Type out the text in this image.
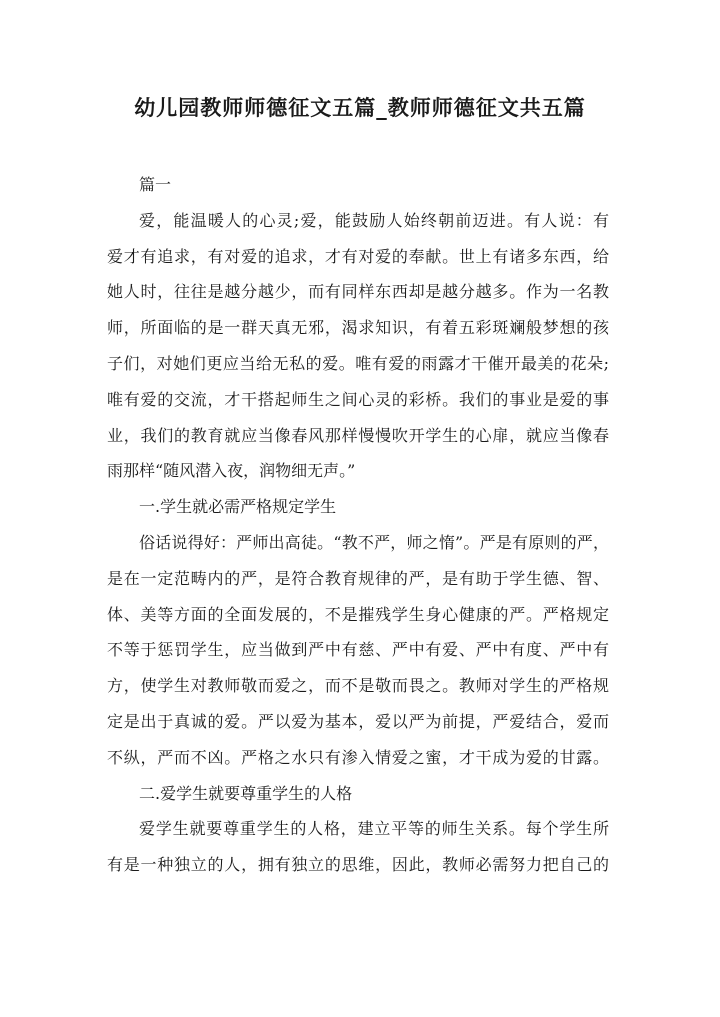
幼儿园教师师德征文五篇_教师师德征文共五篇
篇一
爱，能温暖人的心灵;爱，能鼓励人始终朝前迈进。有人说：有
爱才有追求，有对爱的追求，才有对爱的奉献。世上有诸多东西，给
她人时，往往是越分越少，而有同样东西却是越分越多。作为一名教
师，所面临的是一群天真无邪，渴求知识，有着五彩斑斓般梦想的孩
子们，对她们更应当给无私的爱。唯有爱的雨露才干催开最美的花朵;
唯有爱的交流，才干搭起师生之间心灵的彩桥。我们的事业是爱的事
业，我们的教育就应当像春风那样慢慢吹开学生的心扉，就应当像春
雨那样“随风潜入夜，润物细无声。”
一.学生就必需严格规定学生
俗话说得好：严师出高徒。“教不严，师之惰”。严是有原则的严，
是在一定范畴内的严，是符合教育规律的严，是有助于学生德、智、
体、美等方面的全面发展的，不是摧残学生身心健康的严。严格规定
不等于惩罚学生，应当做到严中有慈、严中有爱、严中有度、严中有
方，使学生对教师敬而爱之，而不是敬而畏之。教师对学生的严格规
定是出于真诚的爱。严以爱为基本，爱以严为前提，严爱结合，爱而
不纵，严而不凶。严格之水只有渗入情爱之蜜，才干成为爱的甘露。
二.爱学生就要尊重学生的人格
爱学生就要尊重学生的人格，建立平等的师生关系。每个学生所
有是一种独立的人，拥有独立的思维，因此，教师必需努力把自己的
